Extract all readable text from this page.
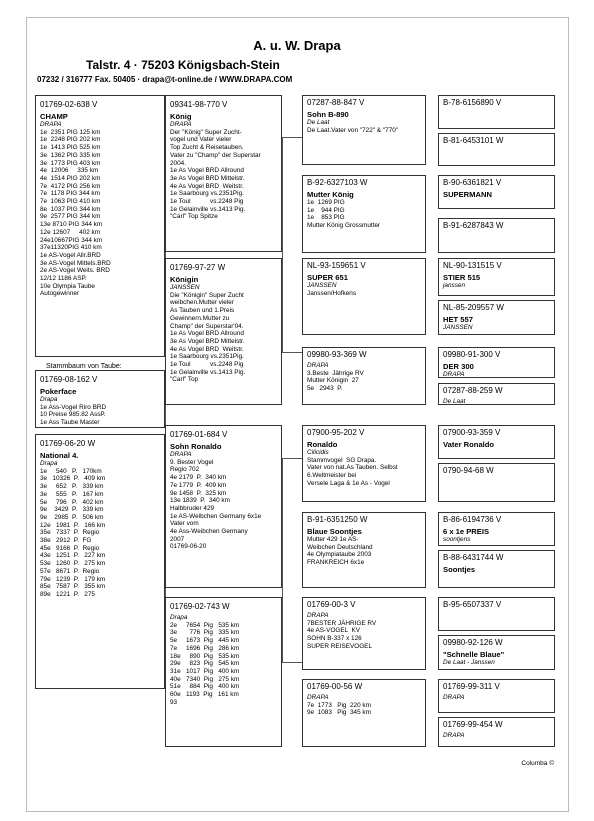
A. u. W. Drapa
Talstr. 4 · 75203 Königsbach-Stein
07232 / 316777 Fax. 50405 · drapa@t-online.de / WWW.DRAPA.COM
Stammbaum von Taube:
01769-02-638 V
CHAMP
DRAPA
1e  2351 PIG 125 km
1e  2248 PIG 202 km
1e  1413 PIG 525 km
3e  1362 PIG 335 km
3e  1773 PIG 403 km
4e  12006     335 km
4e  1514 PIG 202 km
7e  4172 PIG 256 km
7e  1178 PIG 344 km
7e  1063 PIG 410 km
8e  1037 PIG 344 km
9e  2577 PIG 344 km
13e 8710 PIG 344 km
12e 12607     402 km
24e10667PIG 344 km
37e11320PIG 410 km
1e AS-Vogel Allr.BRD
3e AS-Vogel Mittels.BRD
2e AS-Vogel Weits. BRD
12/12 1186 ASP.
10e Olympia Taube
Autogewinner
01769-08-162 V
Pokerface
Drapa
1e Ass-Vogel Riro BRD
10 Preise 985.82 AssP.
1e Ass Taube Master
01769-06-20 W
National 4.
Drapa
1e     540   P.   170km
3e   10326  P.   409 km
3e     652   P.   339 km
3e     555   P.   167 km
5e     796   P.   402 km
9e    3429  P.   339 km
9e    2985  P.   506 km
12e   1981  P.   166 km
35e   7337  P.  Regio
38e   2912  P.  FG
45e   9166  P.  Regio
43e   1251  P.   227 km
53e   1260  P.   275 km
57e   8671  P.  Regio
79e   1239  P.   179 km
85e   7587  P.   355 km
89e   1221  P.   275
09341-98-770 V
König
DRAPA
Der "König" Super Zucht-
vogel und Vater vieler
Top Zucht & Reisetauben.
Vater zu "Champ" der Superstar
2004.
1e As Vogel BRD Allround
3e As Vogel BRD Mittelstr.
4e As Vogel BRD  Weitstr.
1e Saarbourg vs.2351Pig.
1e Toul           vs.2248 Pig
1e Gelainville vs.1413 Pig.
"Carl" Top Spitze
01769-97-27 W
Königin
JANSSEN
Die "Königin" Super Zucht
weibchen.Mutter vieler
As Tauben und 1.Preis
Gewinnern.Mutter zu
Champ" der Superstar'04.
1e As Vogel BRD Allround
3e As Vogel BRD Mittelstr.
4e As Vogel BRD  Weitstr.
1e Saarbourg vs.2351Pig.
1e Toul           vs.2248 Pig
1e Gelainville vs.1413 Pig.
"Carl" Top
01769-01-684 V
Sohn Ronaldo
DRAPA
9. Bester Vogel
Regio 702
4e 2179  P.  340 km
7e 1779  P.  409 km
9e 1458  P.  325 km
13e 1839  P.  340 km
Halbbruder 429
1e AS-Weibchen Germany 6x1e
Vater vom
4e Ass-Weibchen Germany
2007
01769-06-20
01769-02-743 W
Drapa
2e     7654  Pig   535 km
3e       776  Pig   335 km
5e     1673  Pig   445 km
7e     1696  Pig   286 km
18e     890  Pig   535 km
29e     823  Pig   545 km
31e   1017  Pig   400 km
40e   7340  Pig   275 km
51e     884  Pig   400 km
60e   1193  Pig   161 km
93
07287-88-847 V
Sohn B-890
De Laat
De Laat.Vater von "722" & "770"
B-92-6327103 W
Mutter König
1e  1269 PIG
1e    944 PIG
1e    853 PIG
Mutter König Grossmutter
NL-93-159651 V
SUPER 651
JANSSEN
Janssen/Hofkens
09980-93-369 W
DRAPA
3.Beste  Jährige RV
Mutter Königin  27
5e   2943  P.
07900-95-202 V
Ronaldo
Cilicidis
Stammvogel  SG Drapa.
Vater von nat.As Tauben. Selbst
6.Weltmeister bei
Versele Laga & 1e As - Vogel
B-91-6351250 W
Blaue Soontjes
Mutter 429 1e AS-
Weibchen Deutschland
4e Olympiataube 2003
FRANKREICH 6x1e
01769-00-3 V
DRAPA
7BESTER JÄHRIGE RV
4e AS-VOGEL  KV
SOHN B-337 x 126
SUPER REISEVOGEL
01769-00-56 W
DRAPA
7e  1773   Pig  220 km
9e  1083   Pig  345 km
B-78-6156890 V
B-81-6453101 W
B-90-6361821 V
SUPERMANN
B-91-6287843 W
NL-90-131515 V
STIER 515
janssen
NL-85-209557 W
HET 557
JANSSEN
09980-91-300 V
DER 300
DRAPA
07287-88-259 W
De Laat
07900-93-359 V
Vater Ronaldo
0790-94-68 W
B-86-6194736 V
6 x 1e PREIS
soontjens
B-88-6431744 W
Soontjes
B-95-6507337 V
09980-92-126 W
"Schnelle Blaue"
De Laat - Janssen
01769-99-311 V
DRAPA
01769-99-454 W
DRAPA
Columba ©
